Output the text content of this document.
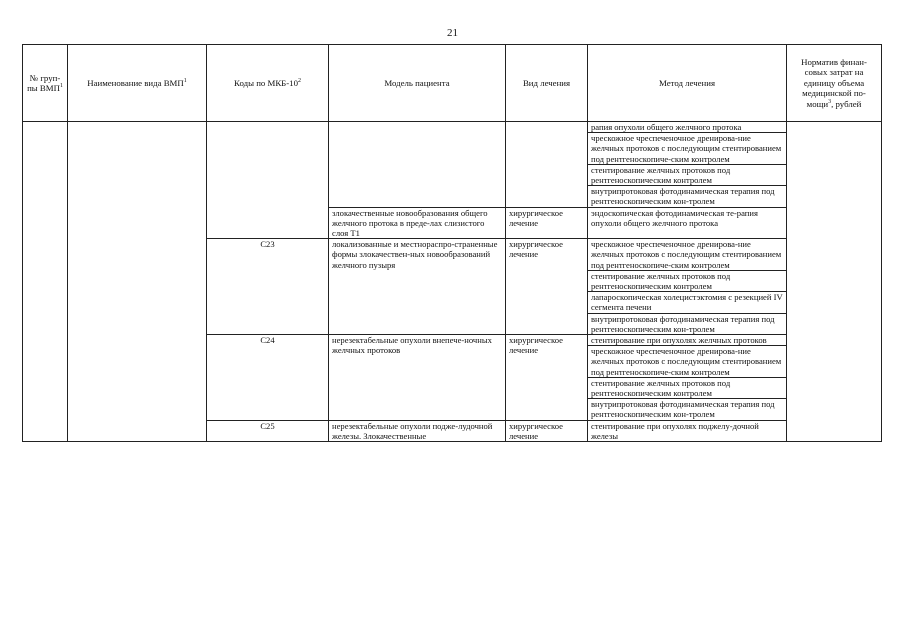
21
№ груп-пы ВМП$^1$	Наименование вида ВМП$^1$	Коды по МКБ-$10^2$	Модель пациента	Вид лечения	Метод лечения	Норматив финан-совых затрат на единицу объема медицинской по-мощи$^3$, рублей
					рапия опухоли общего желчного протока	
					чрескожное чреспеченочное дренирова-ние желчных протоков с последующим стентированием под рентгеноскопиче-ским контролем	
					стентирование желчных протоков под рентгеноскопическим контролем	
					внутрипротоковая фотодинамическая терапия под рентгеноскопическим кон-тролем	
			злокачественные новообразования общего желчного протока в преде-лах слизистого слоя T1	хирургическое лечение	эндоскопическая фотодинамическая те-рапия опухоли общего желчного протока	
		C23	локализованные и местнораспро-страненные формы злокачествен-ных новообразований желчного пузыря	хирургическое лечение	чрескожное чреспеченочное дренирова-ние желчных протоков с последующим стентированием под рентгеноскопиче-ским контролем	
					стентирование желчных протоков под рентгеноскопическим контролем	
					лапароскопическая холецистэктомия с резекцией IV сегмента печени	
					внутрипротоковая фотодинамическая терапия под рентгеноскопическим кон-тролем	
		C24	нерезектабельные опухоли внепече-ночных желчных протоков	хирургическое лечение	стентирование при опухолях желчных протоков	
					чрескожное чреспеченочное дренирова-ние желчных протоков с последующим стентированием под рентгеноскопиче-ским контролем	
					стентирование желчных протоков под рентгеноскопическим контролем	
					внутрипротоковая фотодинамическая терапия под рентгеноскопическим кон-тролем	
		C25	нерезектабельные опухоли подже-лудочной железы. Злокачественные	хирургическое лечение	стентирование при опухолях поджелу-дочной железы	
